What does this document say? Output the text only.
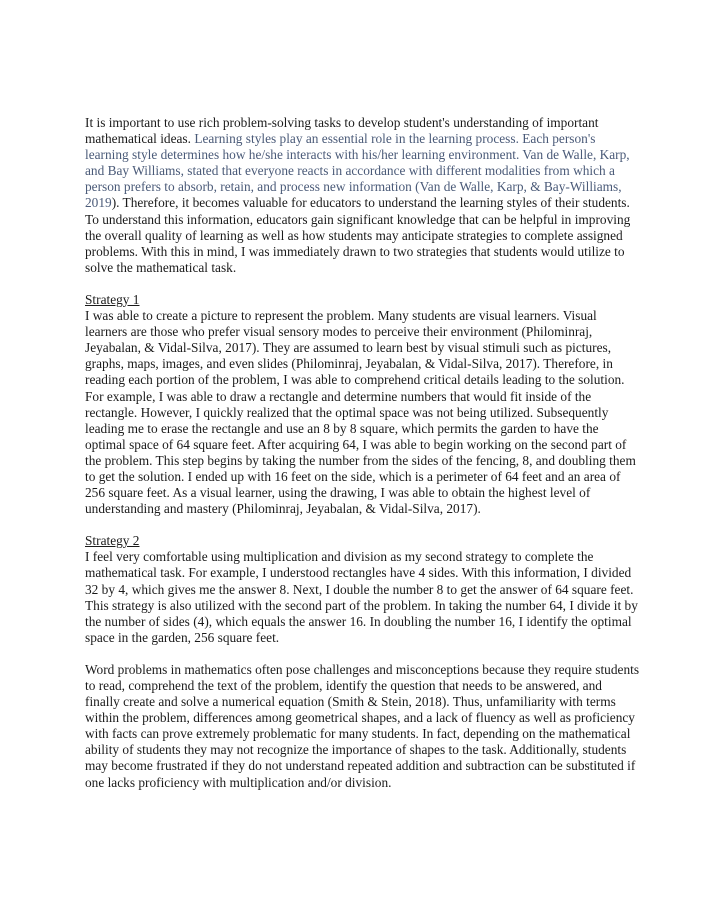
It is important to use rich problem-solving tasks to develop student's understanding of important mathematical ideas. Learning styles play an essential role in the learning process. Each person's learning style determines how he/she interacts with his/her learning environment. Van de Walle, Karp, and Bay Williams, stated that everyone reacts in accordance with different modalities from which a person prefers to absorb, retain, and process new information (Van de Walle, Karp, & Bay-Williams, 2019). Therefore, it becomes valuable for educators to understand the learning styles of their students. To understand this information, educators gain significant knowledge that can be helpful in improving the overall quality of learning as well as how students may anticipate strategies to complete assigned problems. With this in mind, I was immediately drawn to two strategies that students would utilize to solve the mathematical task.

Strategy 1

I was able to create a picture to represent the problem. Many students are visual learners. Visual learners are those who prefer visual sensory modes to perceive their environment (Philominraj, Jeyabalan, & Vidal-Silva, 2017). They are assumed to learn best by visual stimuli such as pictures, graphs, maps, images, and even slides (Philominraj, Jeyabalan, & Vidal-Silva, 2017). Therefore, in reading each portion of the problem, I was able to comprehend critical details leading to the solution. For example, I was able to draw a rectangle and determine numbers that would fit inside of the rectangle. However, I quickly realized that the optimal space was not being utilized. Subsequently leading me to erase the rectangle and use an 8 by 8 square, which permits the garden to have the optimal space of 64 square feet. After acquiring 64, I was able to begin working on the second part of the problem. This step begins by taking the number from the sides of the fencing, 8, and doubling them to get the solution. I ended up with 16 feet on the side, which is a perimeter of 64 feet and an area of 256 square feet. As a visual learner, using the drawing, I was able to obtain the highest level of understanding and mastery (Philominraj, Jeyabalan, & Vidal-Silva, 2017).

Strategy 2

I feel very comfortable using multiplication and division as my second strategy to complete the mathematical task. For example, I understood rectangles have 4 sides. With this information, I divided 32 by 4, which gives me the answer 8. Next, I double the number 8 to get the answer of 64 square feet. This strategy is also utilized with the second part of the problem. In taking the number 64, I divide it by the number of sides (4), which equals the answer 16. In doubling the number 16, I identify the optimal space in the garden, 256 square feet.

Word problems in mathematics often pose challenges and misconceptions because they require students to read, comprehend the text of the problem, identify the question that needs to be answered, and finally create and solve a numerical equation (Smith & Stein, 2018). Thus, unfamiliarity with terms within the problem, differences among geometrical shapes, and a lack of fluency as well as proficiency with facts can prove extremely problematic for many students. In fact, depending on the mathematical ability of students they may not recognize the importance of shapes to the task. Additionally, students may become frustrated if they do not understand repeated addition and subtraction can be substituted if one lacks proficiency with multiplication and/or division.
